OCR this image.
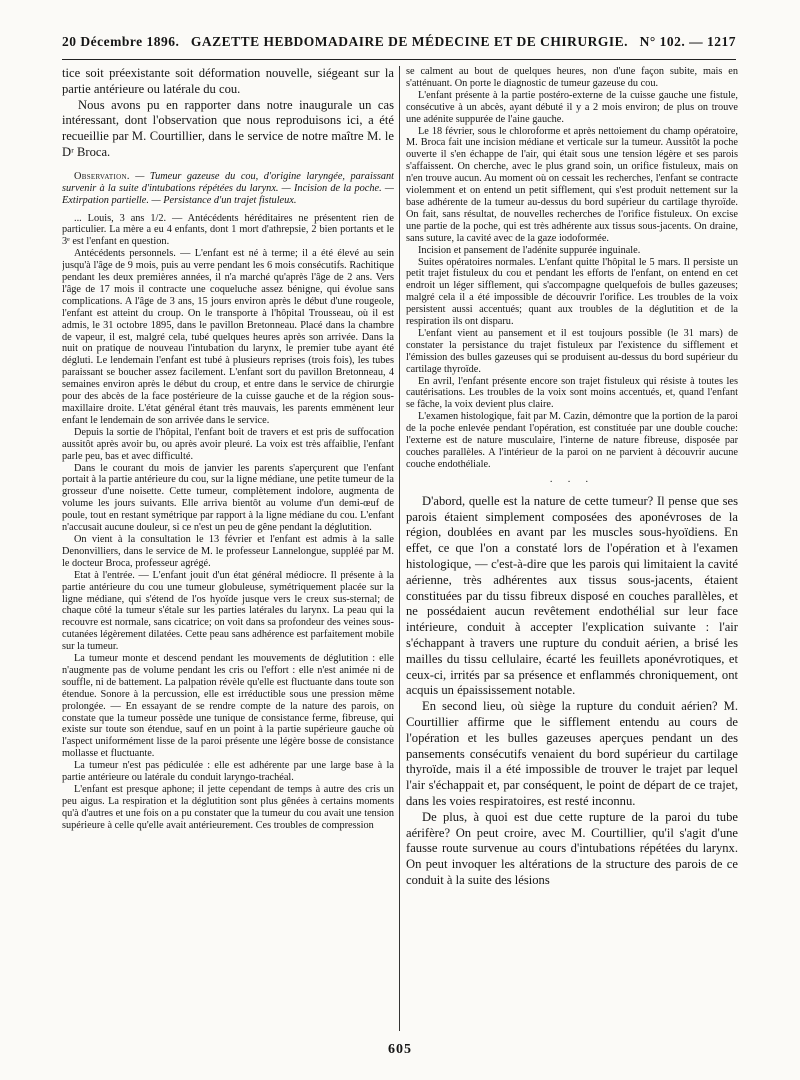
20 Décembre 1896. GAZETTE HEBDOMADAIRE DE MÉDECINE ET DE CHIRURGIE. N° 102. — 1217

tice soit préexistante soit déformation nouvelle, siégeant sur la partie antérieure ou latérale du cou.

Nous avons pu en rapporter dans notre inaugurale un cas intéressant, dont l'observation que nous reproduisons ici, a été recueillie par M. Courtillier, dans le service de notre maître M. le Dʳ Broca.

Observation. — Tumeur gazeuse du cou, d'origine laryngée, paraissant survenir à la suite d'intubations répétées du larynx. — Incision de la poche. — Extirpation partielle. — Persistance d'un trajet fistuleux.

... Louis, 3 ans 1/2. — Antécédents héréditaires ne présentent rien de particulier. La mère a eu 4 enfants, dont 1 mort d'athrepsie, 2 bien portants et le 3ᵉ est l'enfant en question.

Antécédents personnels. — L'enfant est né à terme; il a été élevé au sein jusqu'à l'âge de 9 mois, puis au verre pendant les 6 mois consécutifs. Rachitique pendant les deux premières années, il n'a marché qu'après l'âge de 2 ans. Vers l'âge de 17 mois il contracte une coqueluche assez bénigne, qui évolue sans complications. A l'âge de 3 ans, 15 jours environ après le début d'une rougeole, l'enfant est atteint du croup. On le transporte à l'hôpital Trousseau, où il est admis, le 31 octobre 1895, dans le pavillon Bretonneau. Placé dans la chambre de vapeur, il est, malgré cela, tubé quelques heures après son arrivée. Dans la nuit on pratique de nouveau l'intubation du larynx, le premier tube ayant été dégluti. Le lendemain l'enfant est tubé à plusieurs reprises (trois fois), les tubes paraissant se boucher assez facilement. L'enfant sort du pavillon Bretonneau, 4 semaines environ après le début du croup, et entre dans le service de chirurgie pour des abcès de la face postérieure de la cuisse gauche et de la région sous-maxillaire droite. L'état général étant très mauvais, les parents emmènent leur enfant le lendemain de son arrivée dans le service.

Depuis la sortie de l'hôpital, l'enfant boit de travers et est pris de suffocation aussitôt après avoir bu, ou après avoir pleuré. La voix est très affaiblie, l'enfant parle peu, bas et avec difficulté.

Dans le courant du mois de janvier les parents s'aperçurent que l'enfant portait à la partie antérieure du cou, sur la ligne médiane, une petite tumeur de la grosseur d'une noisette. Cette tumeur, complètement indolore, augmenta de volume les jours suivants. Elle arriva bientôt au volume d'un demi-œuf de poule, tout en restant symétrique par rapport à la ligne médiane du cou. L'enfant n'accusait aucune douleur, si ce n'est un peu de gêne pendant la déglutition.

On vient à la consultation le 13 février et l'enfant est admis à la salle Denonvilliers, dans le service de M. le professeur Lannelongue, suppléé par M. le docteur Broca, professeur agrégé.

Etat à l'entrée. — L'enfant jouit d'un état général médiocre. Il présente à la partie antérieure du cou une tumeur globuleuse, symétriquement placée sur la ligne médiane, qui s'étend de l'os hyoïde jusque vers le creux sus-sternal; de chaque côté la tumeur s'étale sur les parties latérales du larynx. La peau qui la recouvre est normale, sans cicatrice; on voit dans sa profondeur des veines sous-cutanées légèrement dilatées. Cette peau sans adhérence est parfaitement mobile sur la tumeur.

La tumeur monte et descend pendant les mouvements de déglutition : elle n'augmente pas de volume pendant les cris ou l'effort : elle n'est animée ni de souffle, ni de battement. La palpation révèle qu'elle est fluctuante dans toute son étendue. Sonore à la percussion, elle est irréductible sous une pression même prolongée. — En essayant de se rendre compte de la nature des parois, on constate que la tumeur possède une tunique de consistance ferme, fibreuse, qui existe sur toute son étendue, sauf en un point à la partie supérieure gauche où l'aspect uniformément lisse de la paroi présente une légère bosse de consistance mollasse et fluctuante.

La tumeur n'est pas pédiculée : elle est adhérente par une large base à la partie antérieure ou latérale du conduit laryngo-trachéal.

L'enfant est presque aphone; il jette cependant de temps à autre des cris un peu aigus. La respiration et la déglutition sont plus gênées à certains moments qu'à d'autres et une fois on a pu constater que la tumeur du cou avait une tension supérieure à celle qu'elle avait antérieurement. Ces troubles de compression

se calment au bout de quelques heures, non d'une façon subite, mais en s'atténuant. On porte le diagnostic de tumeur gazeuse du cou.

L'enfant présente à la partie postéro-externe de la cuisse gauche une fistule, consécutive à un abcès, ayant débuté il y a 2 mois environ; de plus on trouve une adénite suppurée de l'aine gauche.

Le 18 février, sous le chloroforme et après nettoiement du champ opératoire, M. Broca fait une incision médiane et verticale sur la tumeur. Aussitôt la poche ouverte il s'en échappe de l'air, qui était sous une tension légère et ses parois s'affaissent. On cherche, avec le plus grand soin, un orifice fistuleux, mais on n'en trouve aucun. Au moment où on cessait les recherches, l'enfant se contracte violemment et on entend un petit sifflement, qui s'est produit nettement sur la base adhérente de la tumeur au-dessus du bord supérieur du cartilage thyroïde. On fait, sans résultat, de nouvelles recherches de l'orifice fistuleux. On excise une partie de la poche, qui est très adhérente aux tissus sous-jacents. On draine, sans suture, la cavité avec de la gaze iodoformée.

Incision et pansement de l'adénite suppurée inguinale.

Suites opératoires normales. L'enfant quitte l'hôpital le 5 mars. Il persiste un petit trajet fistuleux du cou et pendant les efforts de l'enfant, on entend en cet endroit un léger sifflement, qui s'accompagne quelquefois de bulles gazeuses; malgré cela il a été impossible de découvrir l'orifice. Les troubles de la voix persistent aussi accentués; quant aux troubles de la déglutition et de la respiration ils ont disparu.

L'enfant vient au pansement et il est toujours possible (le 31 mars) de constater la persistance du trajet fistuleux par l'existence du sifflement et l'émission des bulles gazeuses qui se produisent au-dessus du bord supérieur du cartilage thyroïde.

En avril, l'enfant présente encore son trajet fistuleux qui résiste à toutes les cautérisations. Les troubles de la voix sont moins accentués, et, quand l'enfant se fâche, la voix devient plus claire.

L'examen histologique, fait par M. Cazin, démontre que la portion de la paroi de la poche enlevée pendant l'opération, est constituée par une double couche: l'externe est de nature musculaire, l'interne de nature fibreuse, disposée par couches parallèles. A l'intérieur de la paroi on ne parvient à découvrir aucune couche endothéliale.

· · ·

D'abord, quelle est la nature de cette tumeur? Il pense que ses parois étaient simplement composées des aponévroses de la région, doublées en avant par les muscles sous-hyoïdiens. En effet, ce que l'on a constaté lors de l'opération et à l'examen histologique, — c'est-à-dire que les parois qui limitaient la cavité aérienne, très adhérentes aux tissus sous-jacents, étaient constituées par du tissu fibreux disposé en couches parallèles, et ne possédaient aucun revêtement endothélial sur leur face intérieure, conduit à accepter l'explication suivante : l'air s'échappant à travers une rupture du conduit aérien, a brisé les mailles du tissu cellulaire, écarté les feuillets aponévrotiques, et ceux-ci, irrités par sa présence et enflammés chroniquement, ont acquis un épaississement notable.

En second lieu, où siège la rupture du conduit aérien? M. Courtillier affirme que le sifflement entendu au cours de l'opération et les bulles gazeuses aperçues pendant un des pansements consécutifs venaient du bord supérieur du cartilage thyroïde, mais il a été impossible de trouver le trajet par lequel l'air s'échappait et, par conséquent, le point de départ de ce trajet, dans les voies respiratoires, est resté inconnu.

De plus, à quoi est due cette rupture de la paroi du tube aérifère? On peut croire, avec M. Courtillier, qu'il s'agit d'une fausse route survenue au cours d'intubations répétées du larynx. On peut invoquer les altérations de la structure des parois de ce conduit à la suite des lésions

605
